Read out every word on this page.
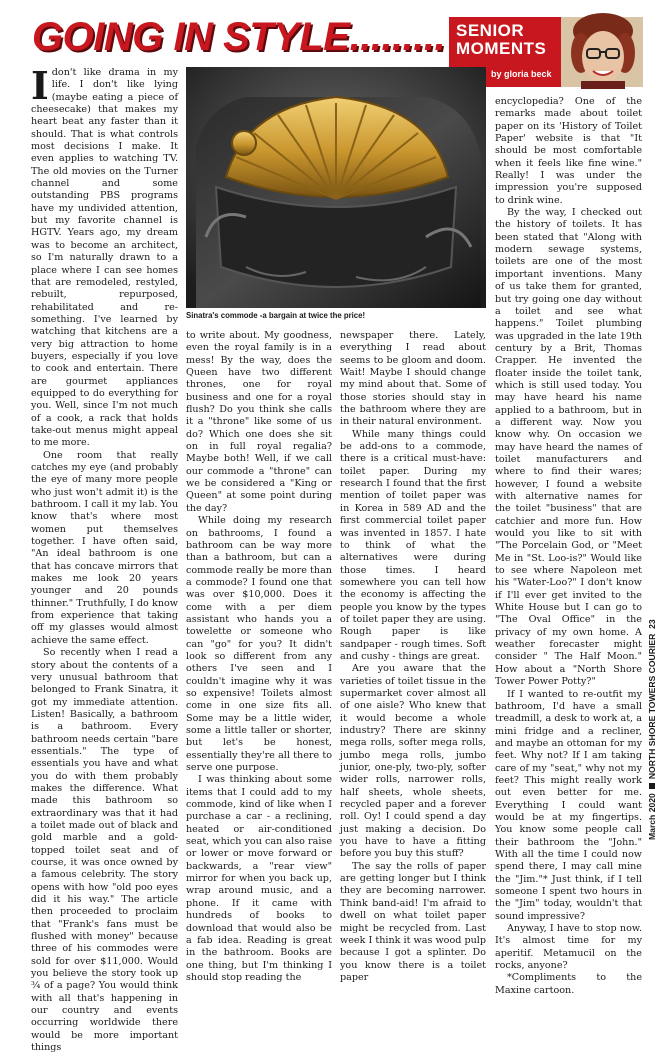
GOING IN STYLE......... SENIOR
MOMENTS
by gloria beck
Sinatra's commode -a bargain at twice the price!

Idon't like drama in my life. I don't like lying (maybe eating a piece of cheesecake) that makes my heart beat any faster than it should. That is what controls most decisions I make. It even applies to watching TV. The old movies on the Turner channel and some outstanding PBS programs have my undivided attention, but my favorite channel is HGTV. Years ago, my dream was to become an architect, so I'm naturally drawn to a place where I can see homes that are remodeled, restyled, rebuilt, repurposed, rehabilitated and re-something. I've learned by watching that kitchens are a very big attraction to home buyers, especially if you love to cook and entertain. There are gourmet appliances equipped to do everything for you. Well, since I'm not much of a cook, a rack that holds take-out menus might appeal to me more.

One room that really catches my eye (and probably the eye of many more people who just won't admit it) is the bathroom. I call it my lab. You know that's where most women put themselves together. I have often said, "An ideal bathroom is one that has concave mirrors that makes me look 20 years younger and 20 pounds thinner." Truthfully, I do know from experience that taking off my glasses would almost achieve the same effect.

So recently when I read a story about the contents of a very unusual bathroom that belonged to Frank Sinatra, it got my immediate attention. Listen! Basically, a bathroom is a bathroom. Every bathroom needs certain "bare essentials." The type of essentials you have and what you do with them probably makes the difference. What made this bathroom so extraordinary was that it had a toilet made out of black and gold marble and a gold-topped toilet seat and of course, it was once owned by a famous celebrity. The story opens with how "old poo eyes did it his way." The article then proceeded to proclaim that "Frank's fans must be flushed with money" because three of his commodes were sold for over $11,000. Would you believe the story took up ¾ of a page? You would think with all that's happening in our country and events occurring worldwide there would be more important things

to write about. My goodness, even the royal family is in a mess! By the way, does the Queen have two different thrones, one for royal business and one for a royal flush? Do you think she calls it a "throne" like some of us do? Which one does she sit on in full royal regalia? Maybe both! Well, if we call our commode a "throne" can we be considered a "King or Queen" at some point during the day?

While doing my research on bathrooms, I found a bathroom can be way more than a bathroom, but can a commode really be more than a commode? I found one that was over $10,000. Does it come with a per diem assistant who hands you a towelette or someone who can "go" for you? It didn't look so different from any others I've seen and I couldn't imagine why it was so expensive! Toilets almost come in one size fits all. Some may be a little wider, some a little taller or shorter, but let's be honest, essentially they're all there to serve one purpose.

I was thinking about some items that I could add to my commode, kind of like when I purchase a car - a reclining, heated or air-conditioned seat, which you can also raise or lower or move forward or backwards, a "rear view" mirror for when you back up, wrap around music, and a phone. If it came with hundreds of books to download that would also be a fab idea. Reading is great in the bathroom. Books are one thing, but I'm thinking I should stop reading the

newspaper there. Lately, everything I read about seems to be gloom and doom. Wait! Maybe I should change my mind about that. Some of those stories should stay in the bathroom where they are in their natural environment.

While many things could be add-ons to a commode, there is a critical must-have: toilet paper. During my research I found that the first mention of toilet paper was in Korea in 589 AD and the first commercial toilet paper was invented in 1857. I hate to think of what the alternatives were during those times. I heard somewhere you can tell how the economy is affecting the people you know by the types of toilet paper they are using. Rough paper is like sandpaper - rough times. Soft and cushy - things are great.

Are you aware that the varieties of toilet tissue in the supermarket cover almost all of one aisle? Who knew that it would become a whole industry? There are skinny mega rolls, softer mega rolls, jumbo mega rolls, jumbo junior, one-ply, two-ply, softer wider rolls, narrower rolls, half sheets, whole sheets, recycled paper and a forever roll. Oy! I could spend a day just making a decision. Do you have to have a fitting before you buy this stuff?

The say the rolls of paper are getting longer but I think they are becoming narrower. Think band-aid! I'm afraid to dwell on what toilet paper might be recycled from. Last week I think it was wood pulp because I got a splinter. Do you know there is a toilet paper

encyclopedia? One of the remarks made about toilet paper on its 'History of Toilet Paper' website is that "It should be most comfortable when it feels like fine wine." Really! I was under the impression you're supposed to drink wine.

By the way, I checked out the history of toilets. It has been stated that "Along with modern sewage systems, toilets are one of the most important inventions. Many of us take them for granted, but try going one day without a toilet and see what happens." Toilet plumbing was upgraded in the late 19th century by a Brit, Thomas Crapper. He invented the floater inside the toilet tank, which is still used today. You may have heard his name applied to a bathroom, but in a different way. Now you know why. On occasion we may have heard the names of toilet manufacturers and where to find their wares; however, I found a website with alternative names for the toilet "business" that are catchier and more fun. How would you like to sit with "The Porcelain God, or "Meet Me in "St. Loo-is?" Would like to see where Napoleon met his "Water-Loo?" I don't know if I'll ever get invited to the White House but I can go to "The Oval Office" in the privacy of my own home. A weather forecaster might consider " The Half Moon." How about a "North Shore Tower Power Potty?"

If I wanted to re-outfit my bathroom, I'd have a small treadmill, a desk to work at, a mini fridge and a recliner, and maybe an ottoman for my feet. Why not? If I am taking care of my "seat," why not my feet? This might really work out even better for me. Everything I could want would be at my fingertips. You know some people call their bathroom the "John." With all the time I could now spend there, I may call mine the "Jim."* Just think, if I tell someone I spent two hours in the "Jim" today, wouldn't that sound impressive?

Anyway, I have to stop now. It's almost time for my aperitif. Metamucil on the rocks, anyone?

*Compliments to the Maxine cartoon.

March 2020NORTH SHORE TOWERS COURIER  23
